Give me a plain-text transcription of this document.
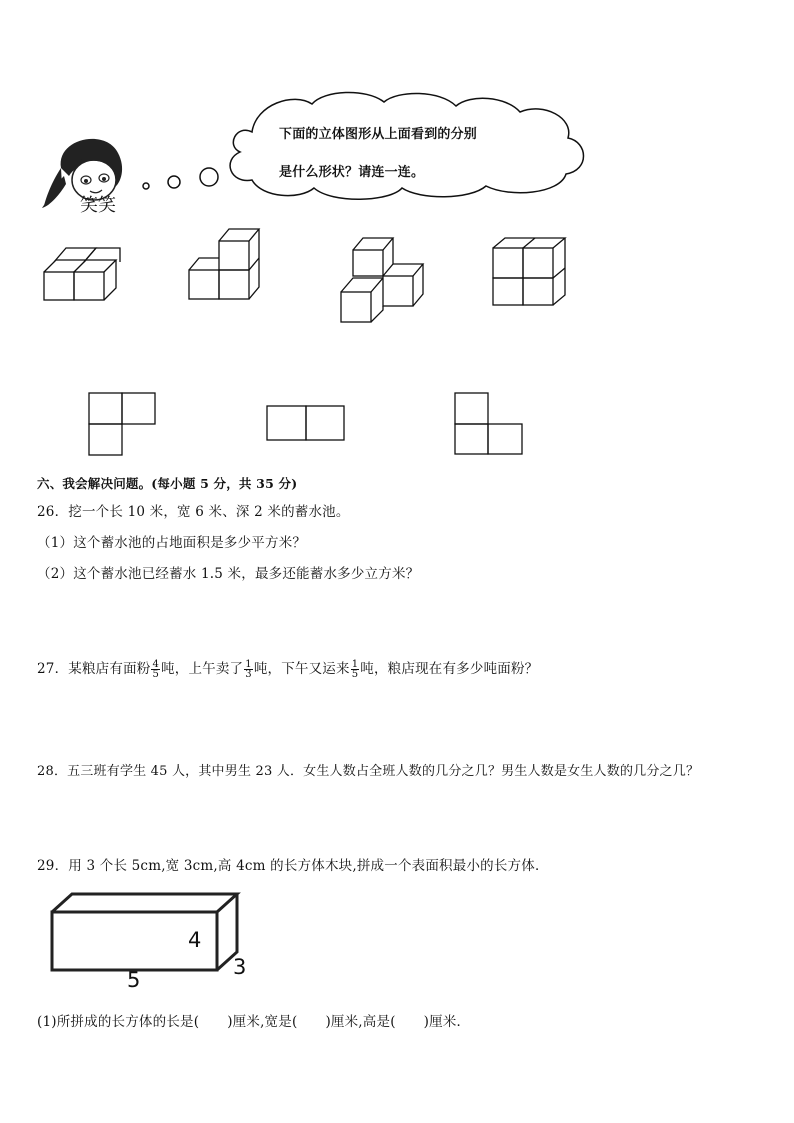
笑笑
下面的立体图形从上面看到的分别
是什么形状？请连一连。
六、我会解决问题。(每小题 5 分，共 35 分)
26．挖一个长 10 米，宽 6 米、深 2 米的蓄水池。
（1）这个蓄水池的占地面积是多少平方米？
（2）这个蓄水池已经蓄水 1.5 米，最多还能蓄水多少立方米？
27．某粮店有面粉 $\frac{4}{5}$ 吨，上午卖了 $\frac{1}{3}$ 吨，下午又运来 $\frac{1}{5}$ 吨，粮店现在有多少吨面粉？
28．五三班有学生 45 人，其中男生 23 人．女生人数占全班人数的几分之几？男生人数是女生人数的几分之几？
29．用 3 个长 5cm,宽 3cm,高 4cm 的长方体木块,拼成一个表面积最小的长方体．
4
5
3
(1)所拼成的长方体的长是( )厘米,宽是( )厘米,高是( )厘米．
